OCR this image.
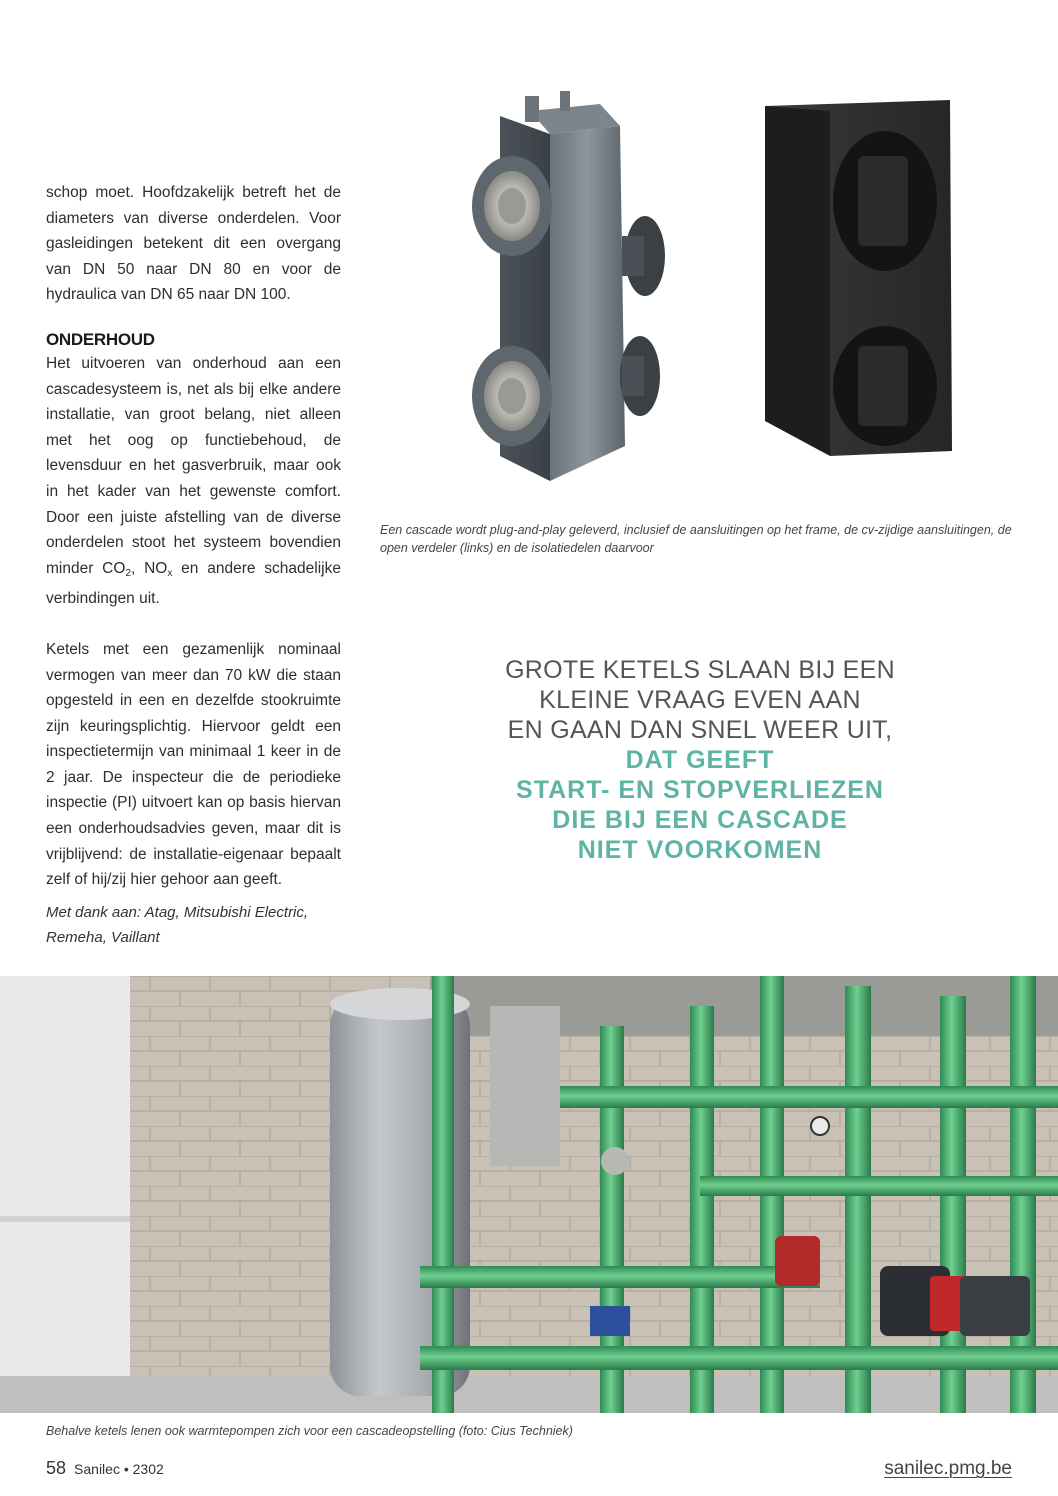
schop moet. Hoofdzakelijk betreft het de diameters van diverse onderdelen. Voor gasleidingen betekent dit een overgang van DN 50 naar DN 80 en voor de hydraulica van DN 65 naar DN 100.

ONDERHOUD

Het uitvoeren van onderhoud aan een cascadesysteem is, net als bij elke andere installatie, van groot belang, niet alleen met het oog op functiebehoud, de levensduur en het gasverbruik, maar ook in het kader van het gewenste comfort. Door een juiste afstelling van de diverse onderdelen stoot het systeem bovendien minder $CO_2$, $NO_x$ en andere schadelijke verbindingen uit.

Ketels met een gezamenlijk nominaal vermogen van meer dan 70 kW die staan opgesteld in een en dezelfde stookruimte zijn keuringsplichtig. Hiervoor geldt een inspectietermijn van minimaal 1 keer in de 2 jaar. De inspecteur die de periodieke inspectie (PI) uitvoert kan op basis hiervan een onderhoudsadvies geven, maar dit is vrijblijvend: de installatie-eigenaar bepaalt zelf of hij/zij hier gehoor aan geeft.

Met dank aan: Atag, Mitsubishi Electric, Remeha, Vaillant

Een cascade wordt plug-and-play geleverd, inclusief de aansluitingen op het frame, de cv-zijdige aansluitingen, de open verdeler (links) en de isolatiedelen daarvoor

GROTE KETELS SLAAN BIJ EEN
KLEINE VRAAG EVEN AAN
EN GAAN DAN SNEL WEER UIT,
DAT GEEFT
START- EN STOPVERLIEZEN
DIE BIJ EEN CASCADE
NIET VOORKOMEN

Behalve ketels lenen ook warmtepompen zich voor een cascadeopstelling (foto: Cius Techniek)

58 Sanilec • 2302	sanilec.pmg.be
